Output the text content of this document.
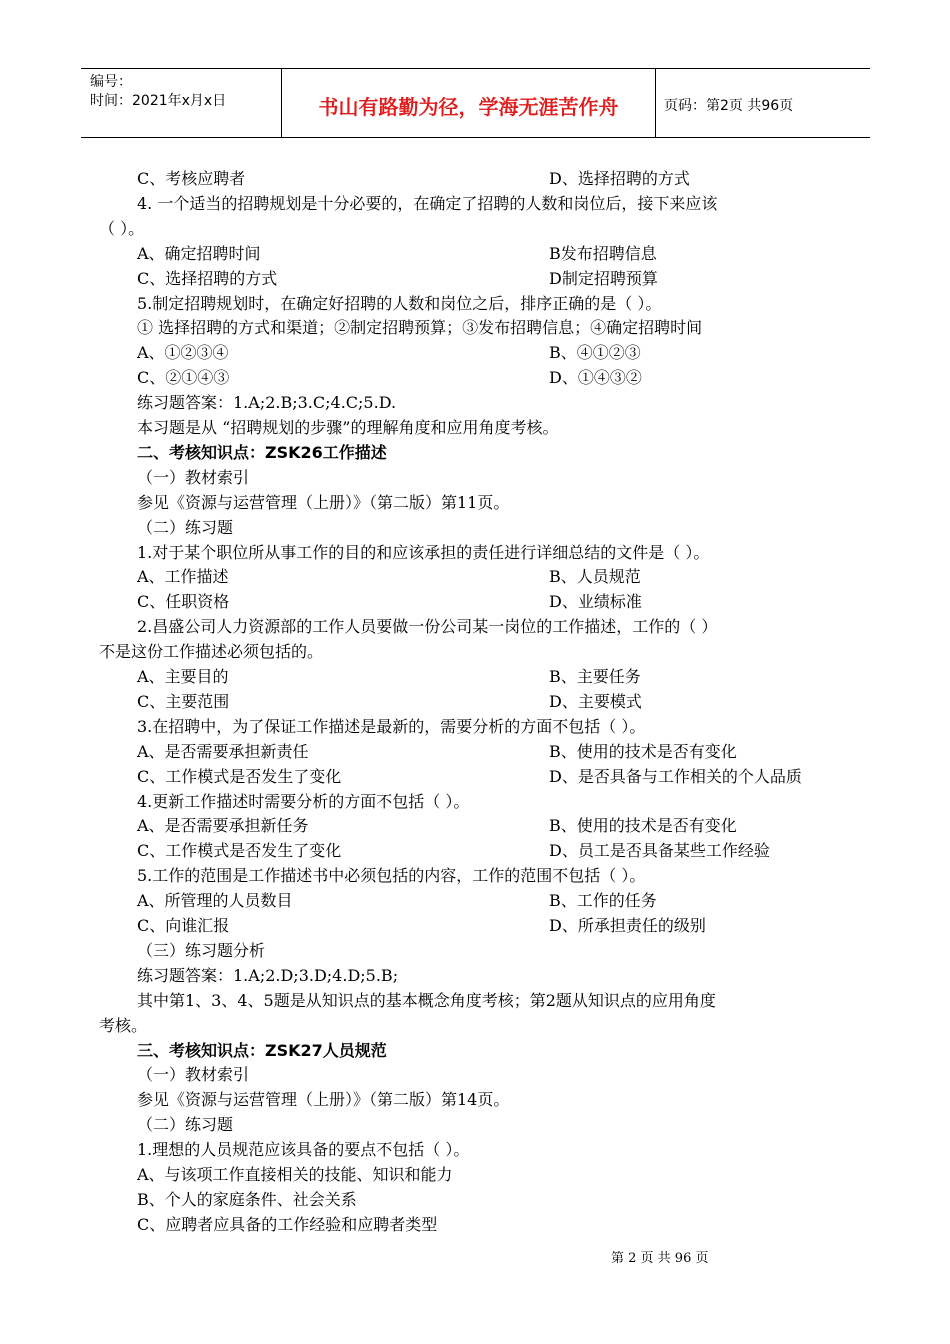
编号：
时间：2021年x月x日	书山有路勤为径，学海无涯苦作舟	页码：第2页 共96页
C、考核应聘者	D、选择招聘的方式
4. 一个适当的招聘规划是十分必要的，在确定了招聘的人数和岗位后，接下来应该
（ ）。
A、确定招聘时间	B发布招聘信息
C、选择招聘的方式	D制定招聘预算
5.制定招聘规划时，在确定好招聘的人数和岗位之后，排序正确的是（ ）。
① 选择招聘的方式和渠道；②制定招聘预算；③发布招聘信息；④确定招聘时间
A、①②③④	B、④①②③
C、②①④③	D、①④③②
练习题答案：1.A;2.B;3.C;4.C;5.D.
本习题是从 “招聘规划的步骤”的理解角度和应用角度考核。
二、考核知识点：ZSK26工作描述
（一）教材索引
参见《资源与运营管理（上册）》（第二版）第11页。
（二）练习题
1.对于某个职位所从事工作的目的和应该承担的责任进行详细总结的文件是（ ）。
A、工作描述	B、人员规范
C、任职资格	D、业绩标准
2.昌盛公司人力资源部的工作人员要做一份公司某一岗位的工作描述，工作的（ ）
不是这份工作描述必须包括的。
A、主要目的	B、主要任务
C、主要范围	D、主要模式
3.在招聘中，为了保证工作描述是最新的，需要分析的方面不包括（ ）。
A、是否需要承担新责任	B、使用的技术是否有变化
C、工作模式是否发生了变化	D、是否具备与工作相关的个人品质
4.更新工作描述时需要分析的方面不包括（ ）。
A、是否需要承担新任务	B、使用的技术是否有变化
C、工作模式是否发生了变化	D、员工是否具备某些工作经验
5.工作的范围是工作描述书中必须包括的内容，工作的范围不包括（ ）。
A、所管理的人员数目	B、工作的任务
C、向谁汇报	D、所承担责任的级别
（三）练习题分析
练习题答案：1.A;2.D;3.D;4.D;5.B;
其中第1、3、4、5题是从知识点的基本概念角度考核；第2题从知识点的应用角度
考核。
三、考核知识点：ZSK27人员规范
（一）教材索引
参见《资源与运营管理（上册）》（第二版）第14页。
（二）练习题
1.理想的人员规范应该具备的要点不包括（ ）。
A、与该项工作直接相关的技能、知识和能力
B、个人的家庭条件、社会关系
C、应聘者应具备的工作经验和应聘者类型
第 2 页 共 96 页
